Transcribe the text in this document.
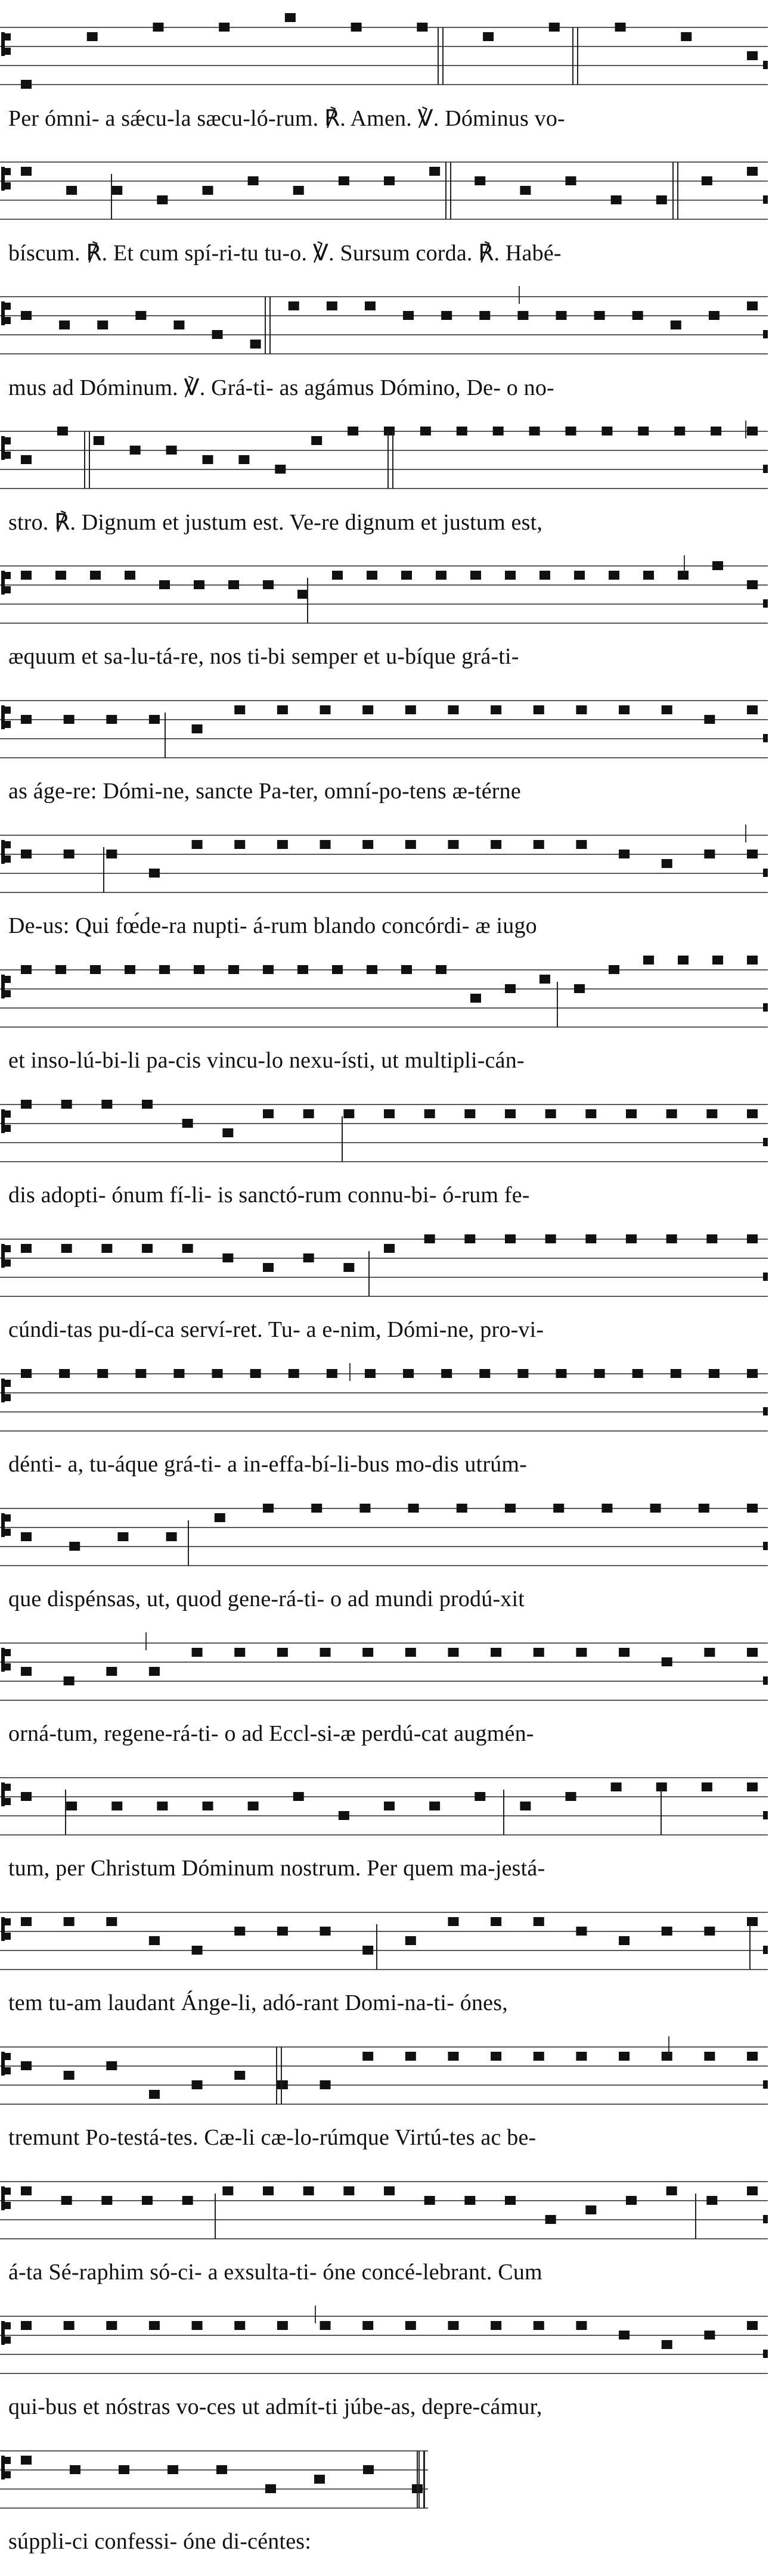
Per ómni- a sǽcu-la sæcu-ló-rum. ℟. Amen. ℣. Dóminus vo-
bíscum. ℟. Et cum spí-ri-tu tu-o. ℣. Sursum corda. ℟. Habé-
mus ad Dóminum. ℣. Grá-ti- as agámus Dómino, De- o no-
stro. ℟. Dignum et justum est. Ve-re dignum et justum est,
æquum et sa-lu-tá-re, nos ti-bi semper et u-bíque grá-ti-
as áge-re: Dómi-ne, sancte Pa-ter, omní-po-tens æ-térne
De-us: Qui fœ́de-ra nupti- á-rum blando concórdi- æ iugo
et inso-lú-bi-li pa-cis vincu-lo nexu-ísti, ut multipli-cán-
dis adopti- ónum fí-li- is sanctó-rum connu-bi- ó-rum fe-
cúndi-tas pu-dí-ca serví-ret. Tu- a e-nim, Dómi-ne, pro-vi-
dénti- a, tu-áque grá-ti- a in-effa-bí-li-bus mo-dis utrúm-
que dispénsas, ut, quod gene-rá-ti- o ad mundi prodú-xit
orná-tum, regene-rá-ti- o ad Eccl-si-æ perdú-cat augmén-
tum, per Christum Dóminum nostrum. Per quem ma-jestá-
tem tu-am laudant Ánge-li, adó-rant Domi-na-ti- ónes,
tremunt Po-testá-tes. Cæ-li cæ-lo-rúmque Virtú-tes ac be-
á-ta Sé-raphim só-ci- a exsulta-ti- óne concé-lebrant. Cum
qui-bus et nóstras vo-ces ut admít-ti júbe-as, depre-cámur,
súppli-ci confessi- óne di-céntes:
